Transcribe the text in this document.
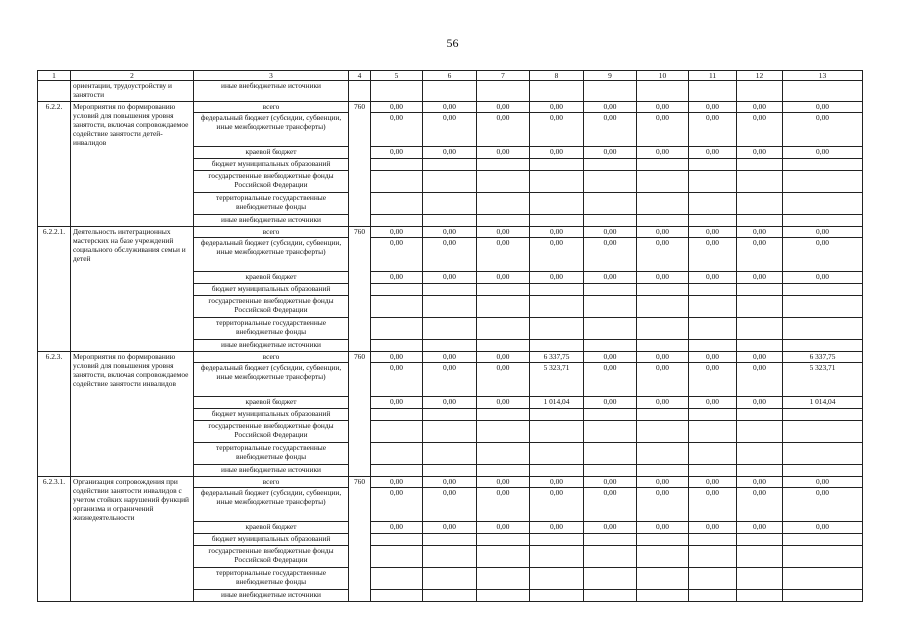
56
1	2	3	4	5	6	7	8	9	10	11	12	13
	ориентации, трудоустройству и занятости	иные внебюджетные источники										
6.2.2.	Мероприятия по формированию условий для повышения уровня занятости, включая сопровождаемое содействие занятости детей-инвалидов	всего	760	0,00	0,00	0,00	0,00	0,00	0,00	0,00	0,00	0,00
		федеральный бюджет (субсидии, субвенции, иные межбюджетные трансферты)		0,00	0,00	0,00	0,00	0,00	0,00	0,00	0,00	0,00
		краевой бюджет		0,00	0,00	0,00	0,00	0,00	0,00	0,00	0,00	0,00
		бюджет муниципальных образований										
		государственные внебюджетные фонды Российской Федерации										
		территориальные государственные внебюджетные фонды										
		иные внебюджетные источники										
6.2.2.1.	Деятельность интеграционных мастерских на базе учреждений социального обслуживания семьи и детей	всего	760	0,00	0,00	0,00	0,00	0,00	0,00	0,00	0,00	0,00
		федеральный бюджет (субсидии, субвенции, иные межбюджетные трансферты)		0,00	0,00	0,00	0,00	0,00	0,00	0,00	0,00	0,00
		краевой бюджет		0,00	0,00	0,00	0,00	0,00	0,00	0,00	0,00	0,00
		бюджет муниципальных образований										
		государственные внебюджетные фонды Российской Федерации										
		территориальные государственные внебюджетные фонды										
		иные внебюджетные источники										
6.2.3.	Мероприятия по формированию условий для повышения уровня занятости, включая сопровождаемое содействие занятости инвалидов	всего	760	0,00	0,00	0,00	6 337,75	0,00	0,00	0,00	0,00	6 337,75
		федеральный бюджет (субсидии, субвенции, иные межбюджетные трансферты)		0,00	0,00	0,00	5 323,71	0,00	0,00	0,00	0,00	5 323,71
		краевой бюджет		0,00	0,00	0,00	1 014,04	0,00	0,00	0,00	0,00	1 014,04
		бюджет муниципальных образований										
		государственные внебюджетные фонды Российской Федерации										
		территориальные государственные внебюджетные фонды										
		иные внебюджетные источники										
6.2.3.1.	Организация сопровождения при содействии занятости инвалидов с учетом стойких нарушений функций организма и ограничений жизнедеятельности	всего	760	0,00	0,00	0,00	0,00	0,00	0,00	0,00	0,00	0,00
		федеральный бюджет (субсидии, субвенции, иные межбюджетные трансферты)		0,00	0,00	0,00	0,00	0,00	0,00	0,00	0,00	0,00
		краевой бюджет		0,00	0,00	0,00	0,00	0,00	0,00	0,00	0,00	0,00
		бюджет муниципальных образований										
		государственные внебюджетные фонды Российской Федерации										
		территориальные государственные внебюджетные фонды										
		иные внебюджетные источники										
